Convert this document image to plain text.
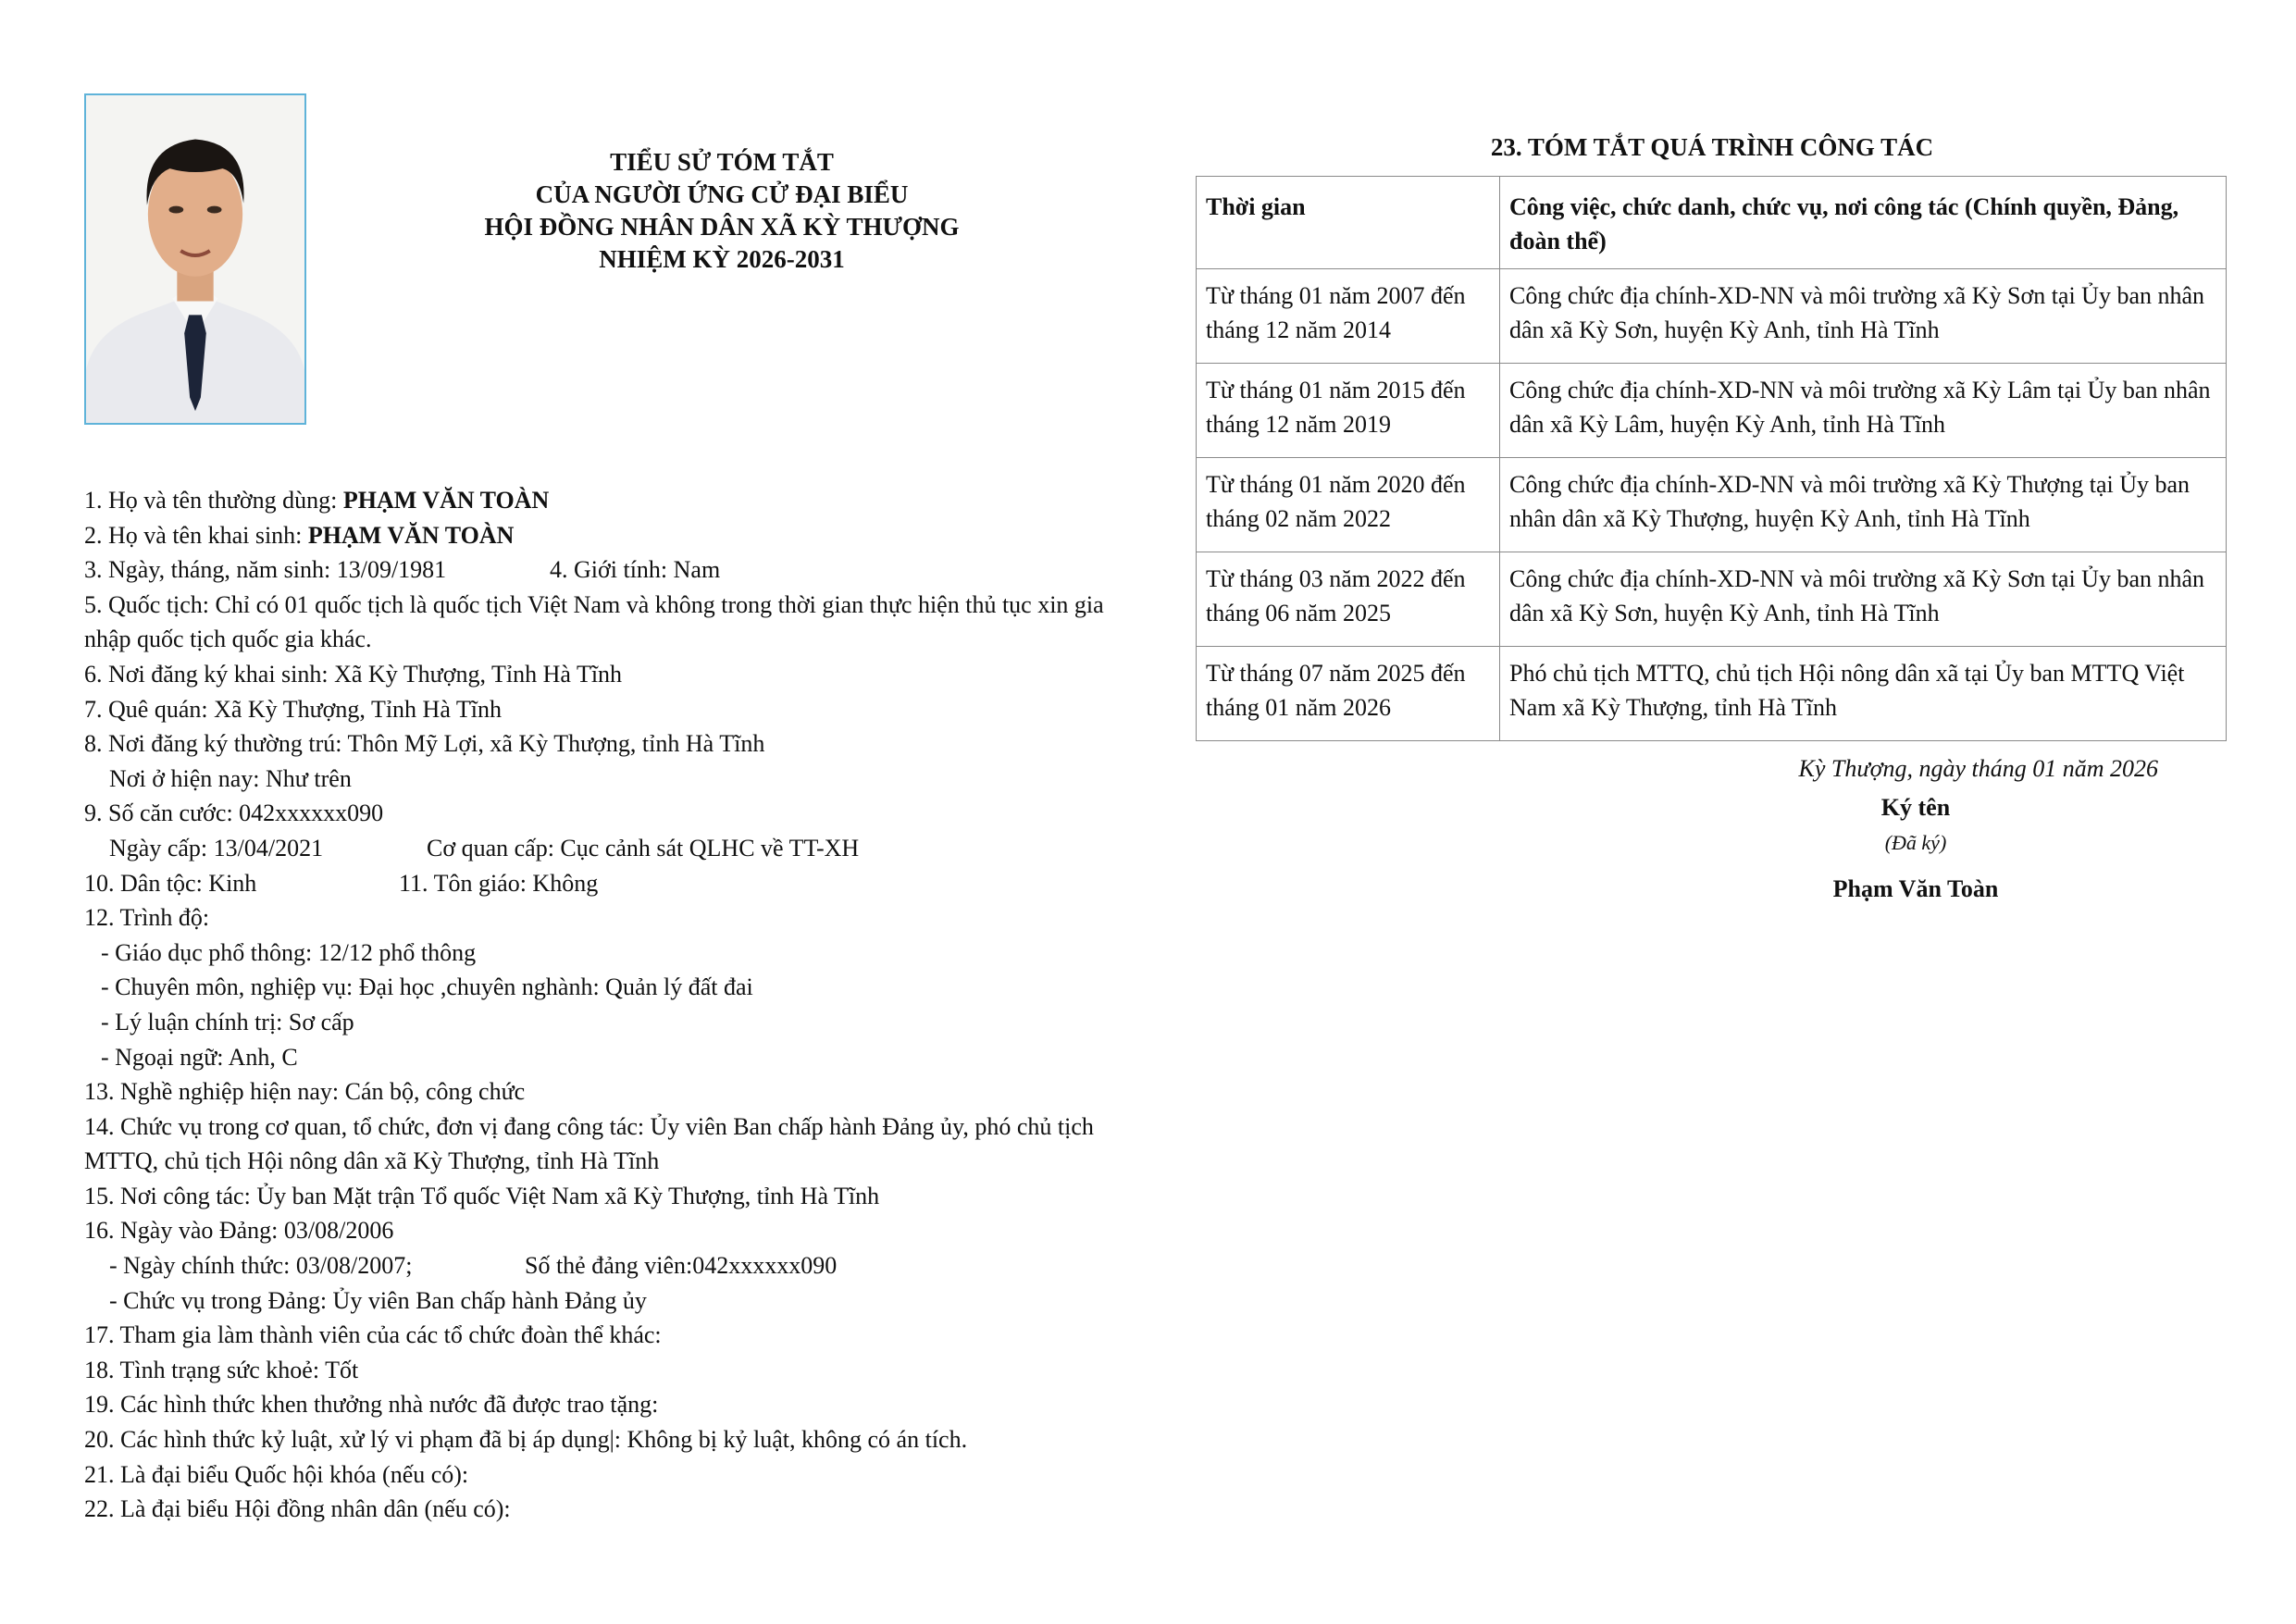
TIỂU SỬ TÓM TẮT
CỦA NGƯỜI ỨNG CỬ ĐẠI BIỂU
HỘI ĐỒNG NHÂN DÂN XÃ KỲ THƯỢNG
NHIỆM KỲ 2026-2031
1. Họ và tên thường dùng: PHẠM VĂN TOÀN
2. Họ và tên khai sinh: PHẠM VĂN TOÀN
3. Ngày, tháng, năm sinh: 13/09/1981	4. Giới tính: Nam
5. Quốc tịch: Chỉ có 01 quốc tịch là quốc tịch Việt Nam và không trong thời gian thực hiện thủ tục xin gia nhập quốc tịch quốc gia khác.
6. Nơi đăng ký khai sinh: Xã Kỳ Thượng, Tỉnh Hà Tĩnh
7. Quê quán: Xã Kỳ Thượng, Tỉnh Hà Tĩnh
8. Nơi đăng ký thường trú: Thôn Mỹ Lợi, xã Kỳ Thượng, tỉnh Hà Tĩnh
Nơi ở hiện nay: Như trên
9. Số căn cước: 042xxxxxx090
Ngày cấp: 13/04/2021	Cơ quan cấp: Cục cảnh sát QLHC về TT-XH
10. Dân tộc: Kinh	11. Tôn giáo: Không
12. Trình độ:
- Giáo dục phổ thông: 12/12 phổ thông
- Chuyên môn, nghiệp vụ: Đại học ,chuyên nghành: Quản lý đất đai
- Lý luận chính trị: Sơ cấp
- Ngoại ngữ: Anh, C
13. Nghề nghiệp hiện nay: Cán bộ, công chức
14. Chức vụ trong cơ quan, tổ chức, đơn vị đang công tác: Ủy viên Ban chấp hành Đảng ủy, phó chủ tịch MTTQ, chủ tịch Hội nông dân xã Kỳ Thượng, tỉnh Hà Tĩnh
15. Nơi công tác: Ủy ban Mặt trận Tổ quốc Việt Nam xã Kỳ Thượng, tỉnh Hà Tĩnh
16. Ngày vào Đảng: 03/08/2006
- Ngày chính thức: 03/08/2007;	Số thẻ đảng viên:042xxxxxx090
- Chức vụ trong Đảng: Ủy viên Ban chấp hành Đảng ủy
17. Tham gia làm thành viên của các tổ chức đoàn thể khác:
18. Tình trạng sức khoẻ: Tốt
19. Các hình thức khen thưởng nhà nước đã được trao tặng:
20. Các hình thức kỷ luật, xử lý vi phạm đã bị áp dụng|: Không bị kỷ luật, không có án tích.
21. Là đại biểu Quốc hội khóa (nếu có):
22. Là đại biểu Hội đồng nhân dân (nếu có):
23. TÓM TẮT QUÁ TRÌNH CÔNG TÁC
Thời gian	Công việc, chức danh, chức vụ, nơi công tác (Chính quyền, Đảng, đoàn thể)
Từ tháng 01 năm 2007 đến tháng 12 năm 2014	Công chức địa chính-XD-NN và môi trường xã Kỳ Sơn tại Ủy ban nhân dân xã Kỳ Sơn, huyện Kỳ Anh, tỉnh Hà Tĩnh
Từ tháng 01 năm 2015 đến tháng 12 năm 2019	Công chức địa chính-XD-NN và môi trường xã Kỳ Lâm tại Ủy ban nhân dân xã Kỳ Lâm, huyện Kỳ Anh, tỉnh Hà Tĩnh
Từ tháng 01 năm 2020 đến tháng 02 năm 2022	Công chức địa chính-XD-NN và môi trường xã Kỳ Thượng tại Ủy ban nhân dân xã Kỳ Thượng, huyện Kỳ Anh, tỉnh Hà Tĩnh
Từ tháng 03 năm 2022 đến tháng 06 năm 2025	Công chức địa chính-XD-NN và môi trường xã Kỳ Sơn tại Ủy ban nhân dân xã Kỳ Sơn, huyện Kỳ Anh, tỉnh Hà Tĩnh
Từ tháng 07 năm 2025 đến tháng 01 năm 2026	Phó chủ tịch MTTQ, chủ tịch Hội nông dân xã tại Ủy ban MTTQ Việt Nam xã Kỳ Thượng, tỉnh Hà Tĩnh
Kỳ Thượng, ngày tháng 01 năm 2026
Ký tên
(Đã ký)
Phạm Văn Toàn
